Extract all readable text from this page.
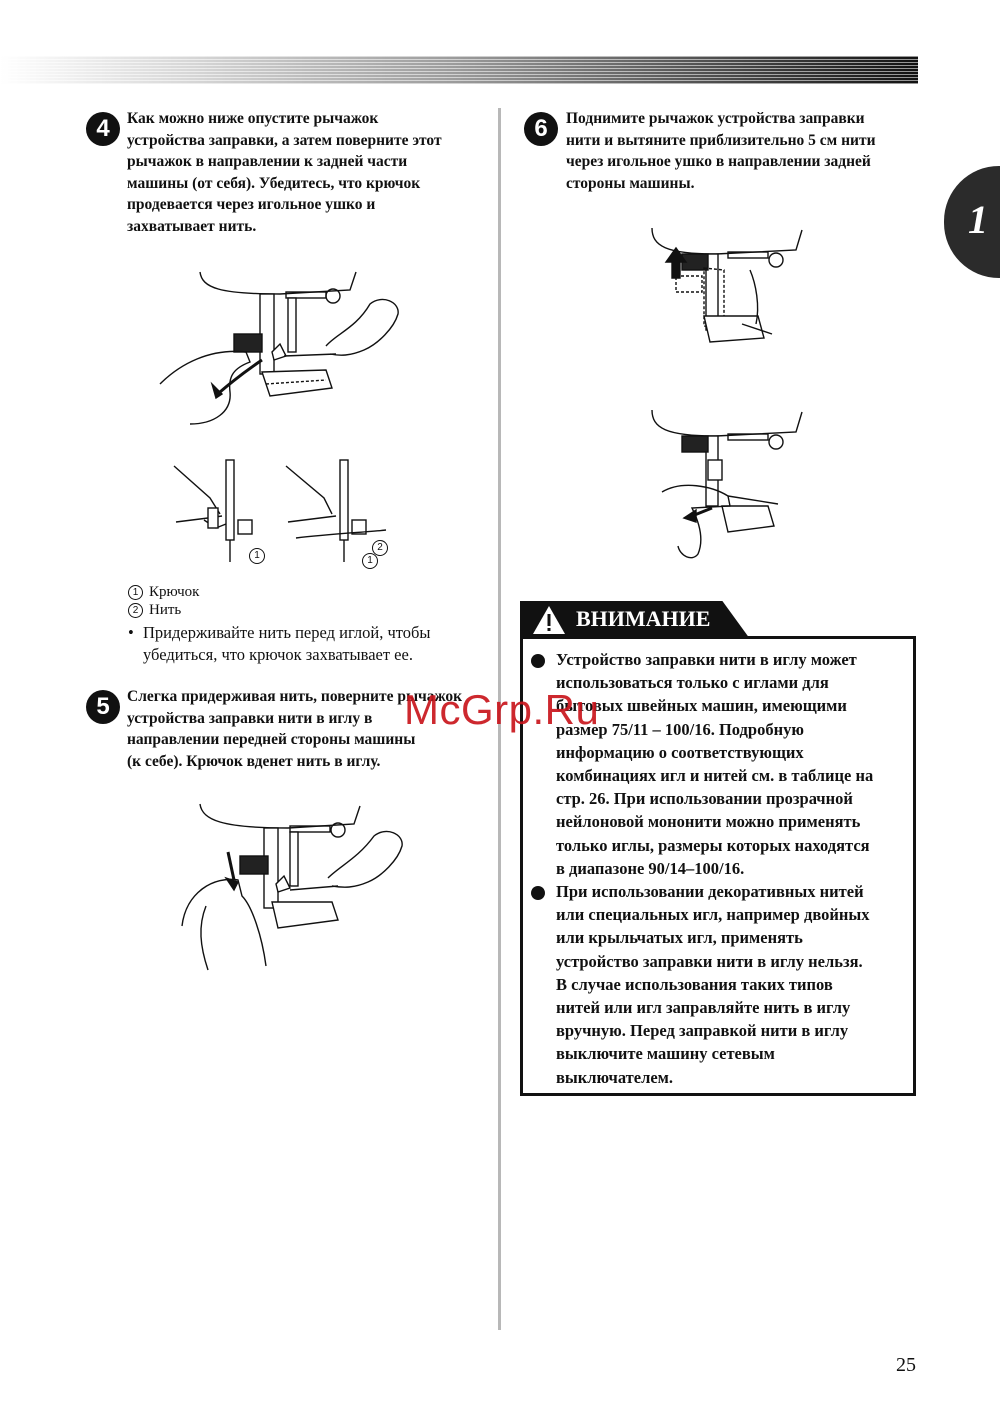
1
4	Как можно ниже опустите рычажок
устройства заправки, а затем поверните этот
рычажок в направлении к задней части
машины (от себя). Убедитесь, что крючок
продевается через игольное ушко и
захватывает нить.
1
2
1
1 Крючок
2 Нить
• Придерживайте нить перед иглой, чтобы
убедиться, что крючок захватывает ее.
5	Слегка придерживая нить, поверните рычажок
устройства заправки нити в иглу в
направлении передней стороны машины
(к себе). Крючок вденет нить в иглу.
6	Поднимите рычажок устройства заправки
нити и вытяните приблизительно 5 см нити
через игольное ушко в направлении задней
стороны машины.
ВНИМАНИЕ
Устройство заправки нити в иглу может
использоваться только с иглами для
бытовых швейных машин, имеющими
размер 75/11 – 100/16. Подробную
информацию о соответствующих
комбинациях игл и нитей см. в таблице на
стр. 26. При использовании прозрачной
нейлоновой мононити можно применять
только иглы, размеры которых находятся
в диапазоне 90/14–100/16.
При использовании декоративных нитей
или специальных игл, например двойных
или крыльчатых игл, применять
устройство заправки нити в иглу нельзя.
В случае использования таких типов
нитей или игл заправляйте нить в иглу
вручную. Перед заправкой нити в иглу
выключите машину сетевым
выключателем.
McGrp.Ru
25
